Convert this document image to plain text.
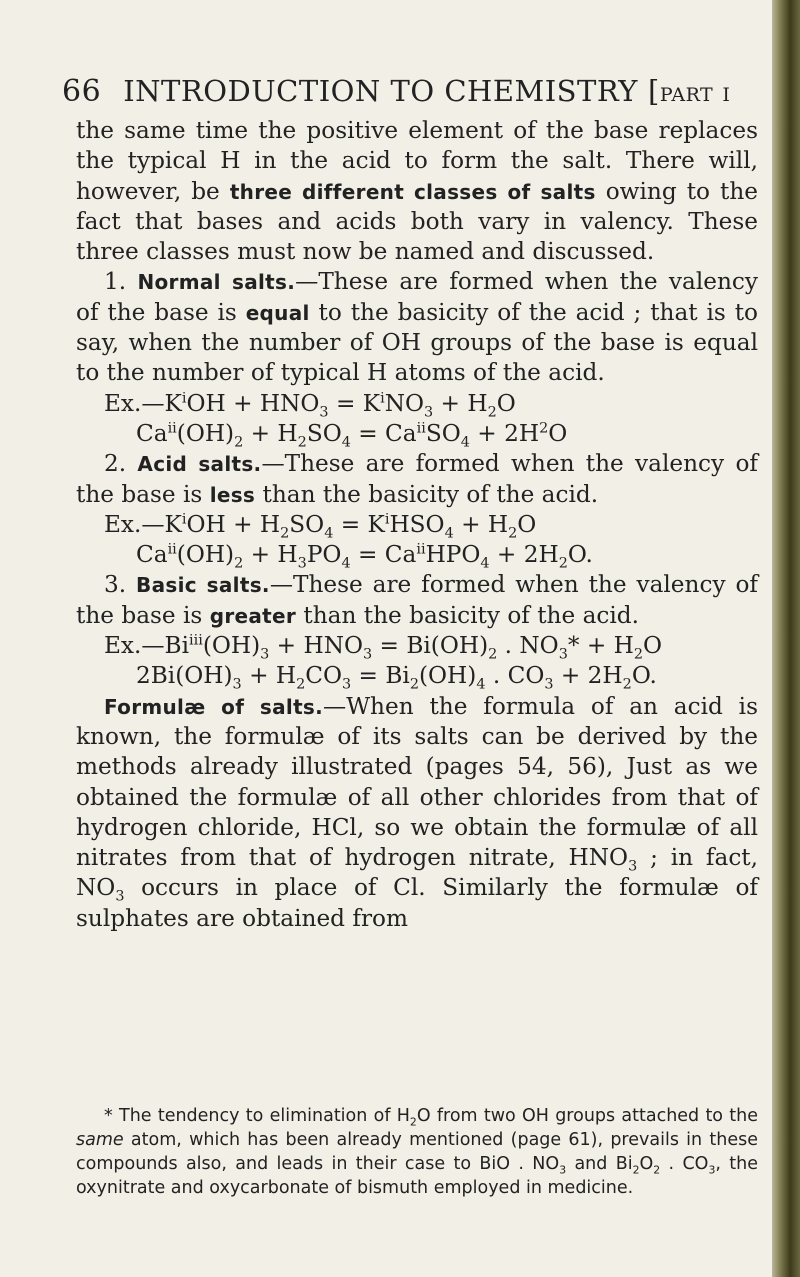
66 INTRODUCTION TO CHEMISTRY [part i

the same time the positive element of the base replaces the typical H in the acid to form the salt. There will, however, be three different classes of salts owing to the fact that bases and acids both vary in valency. These three classes must now be named and discussed.

1. Normal salts.—These are formed when the valency of the base is equal to the basicity of the acid ; that is to say, when the number of OH groups of the base is equal to the number of typical H atoms of the acid.

$Ex.—K^iOH + HNO_3 = K^iNO_3 + H_2O$

$Ca^{ii}(OH)_2 + H_2SO_4 = Ca^{ii}SO_4 + 2H^2O$

2. Acid salts.—These are formed when the valency of the base is less than the basicity of the acid.

$Ex.—K^iOH + H_2SO_4 = K^iHSO_4 + H_2O$

$Ca^{ii}(OH)_2 + H_3PO_4 = Ca^{ii}HPO_4 + 2H_2O$.

3. Basic salts.—These are formed when the valency of the base is greater than the basicity of the acid.

$Ex.—Bi^{iii}(OH)_3 + HNO_3 = Bi(OH)_2$ . $NO_3* + H_2O$

$2Bi(OH)_3 + H_2CO_3 = Bi_2(OH)_4$ . $CO_3 + 2H_2O$.

Formulæ of salts.—When the formula of an acid is known, the formulæ of its salts can be derived by the methods already illustrated (pages 54, 56), Just as we obtained the formulæ of all other chlorides from that of hydrogen chloride, HCl, so we obtain the formulæ of all nitrates from that of hydrogen nitrate, $HNO_3$ ; in fact, $NO_3$ occurs in place of Cl. Similarly the formulæ of sulphates are obtained from

* The tendency to elimination of $H_2O$ from two OH groups attached to the same atom, which has been already mentioned (page 61), prevails in these compounds also, and leads in their case to BiO . $NO_3$ and $Bi_2O_2$ . $CO_3$, the oxynitrate and oxycarbonate of bismuth employed in medicine.
